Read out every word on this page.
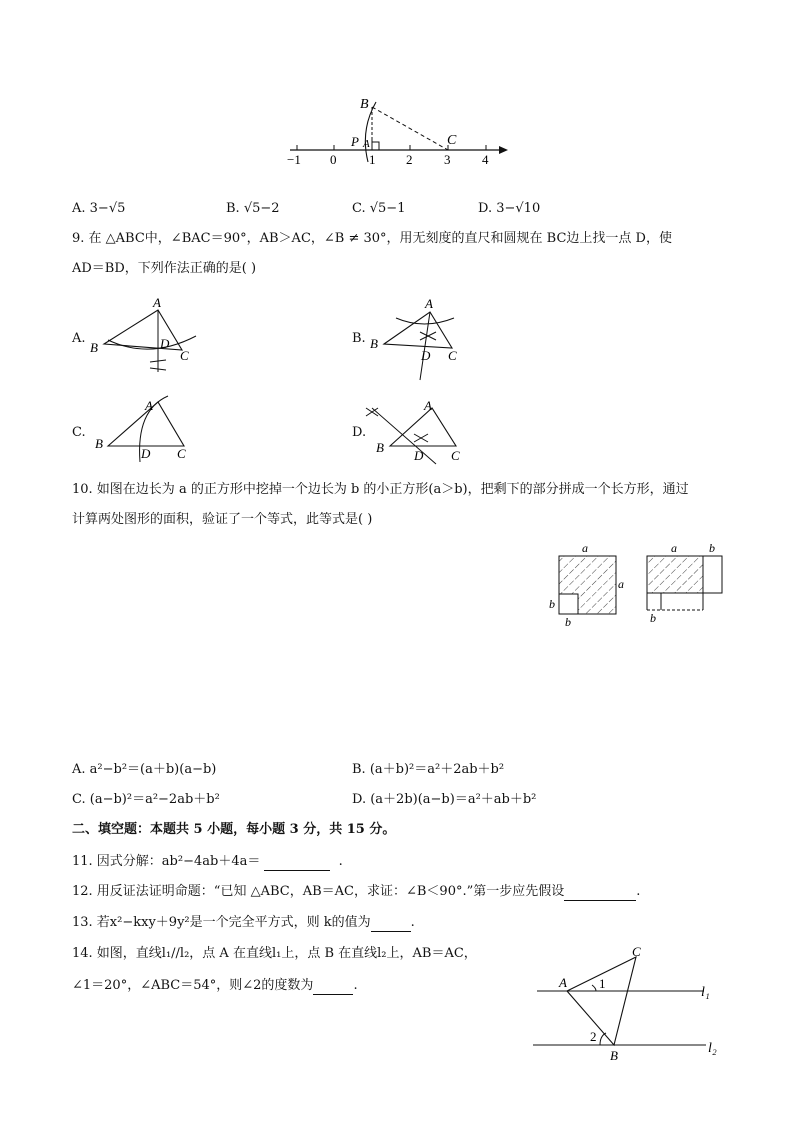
B
P A	C
−1 0	1 2 3 4
A. 3−√5	B. √5−2	C. √5−1	D. 3−√10
9. 在 △ABC中，∠BAC＝90°，AB＞AC，∠B ≠ 30°，用无刻度的直尺和圆规在 BC边上找一点 D，使
AD＝BD，下列作法正确的是( )
A.	B.
C.	D.
A
B	D
C
A
B
D C
A
B
D C
A
B
D C
10. 如图在边长为 a 的正方形中挖掉一个边长为 b 的小正方形(a＞b)，把剩下的部分拼成一个长方形，通过
计算两处图形的面积，验证了一个等式，此等式是( )
a
a
b
b
a	b
b
A. a²−b²＝(a＋b)(a−b)	B. (a＋b)²＝a²＋2ab＋b²
C. (a−b)²＝a²−2ab＋b²	D. (a＋2b)(a−b)＝a²＋ab＋b²
二、填空题：本题共 5 小题，每小题 3 分，共 15 分。
11. 因式分解：ab²−4ab＋4a＝	.
12. 用反证法证明命题：“已知 △ABC，AB＝AC，求证：∠B＜90°.”第一步应先假设	.
13. 若x²−kxy＋9y²是一个完全平方式，则 k的值为	.
14. 如图，直线l₁//l₂，点 A 在直线l₁上，点 B 在直线l₂上，AB＝AC，
∠1＝20°，∠ABC＝54°，则∠2的度数为	.
C
A 1
l₁
2
l₂
B
